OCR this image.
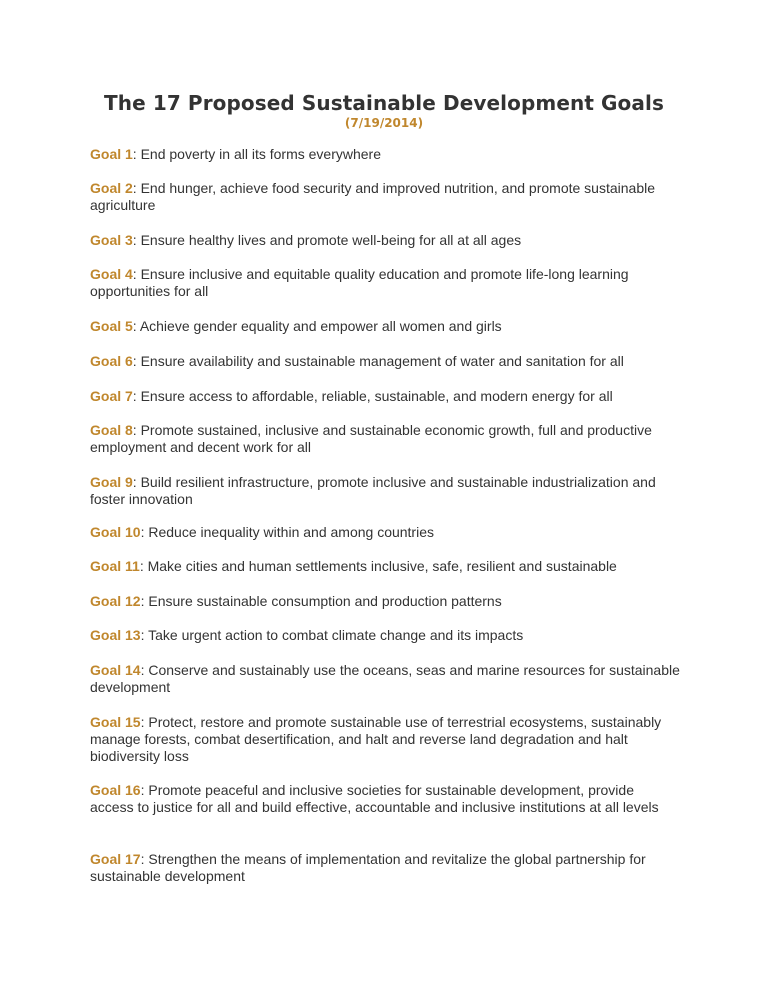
The 17 Proposed Sustainable Development Goals
(7/19/2014)
Goal 1: End poverty in all its forms everywhere
Goal 2: End hunger, achieve food security and improved nutrition, and promote sustainable agriculture
Goal 3: Ensure healthy lives and promote well-being for all at all ages
Goal 4: Ensure inclusive and equitable quality education and promote life-long learning opportunities for all
Goal 5: Achieve gender equality and empower all women and girls
Goal 6: Ensure availability and sustainable management of water and sanitation for all
Goal 7: Ensure access to affordable, reliable, sustainable, and modern energy for all
Goal 8: Promote sustained, inclusive and sustainable economic growth, full and productive employment and decent work for all
Goal 9: Build resilient infrastructure, promote inclusive and sustainable industrialization and foster innovation
Goal 10: Reduce inequality within and among countries
Goal 11: Make cities and human settlements inclusive, safe, resilient and sustainable
Goal 12: Ensure sustainable consumption and production patterns
Goal 13: Take urgent action to combat climate change and its impacts
Goal 14: Conserve and sustainably use the oceans, seas and marine resources for sustainable development
Goal 15: Protect, restore and promote sustainable use of terrestrial ecosystems, sustainably manage forests, combat desertification, and halt and reverse land degradation and halt biodiversity loss
Goal 16: Promote peaceful and inclusive societies for sustainable development, provide access to justice for all and build effective, accountable and inclusive institutions at all levels
Goal 17: Strengthen the means of implementation and revitalize the global partnership for sustainable development
